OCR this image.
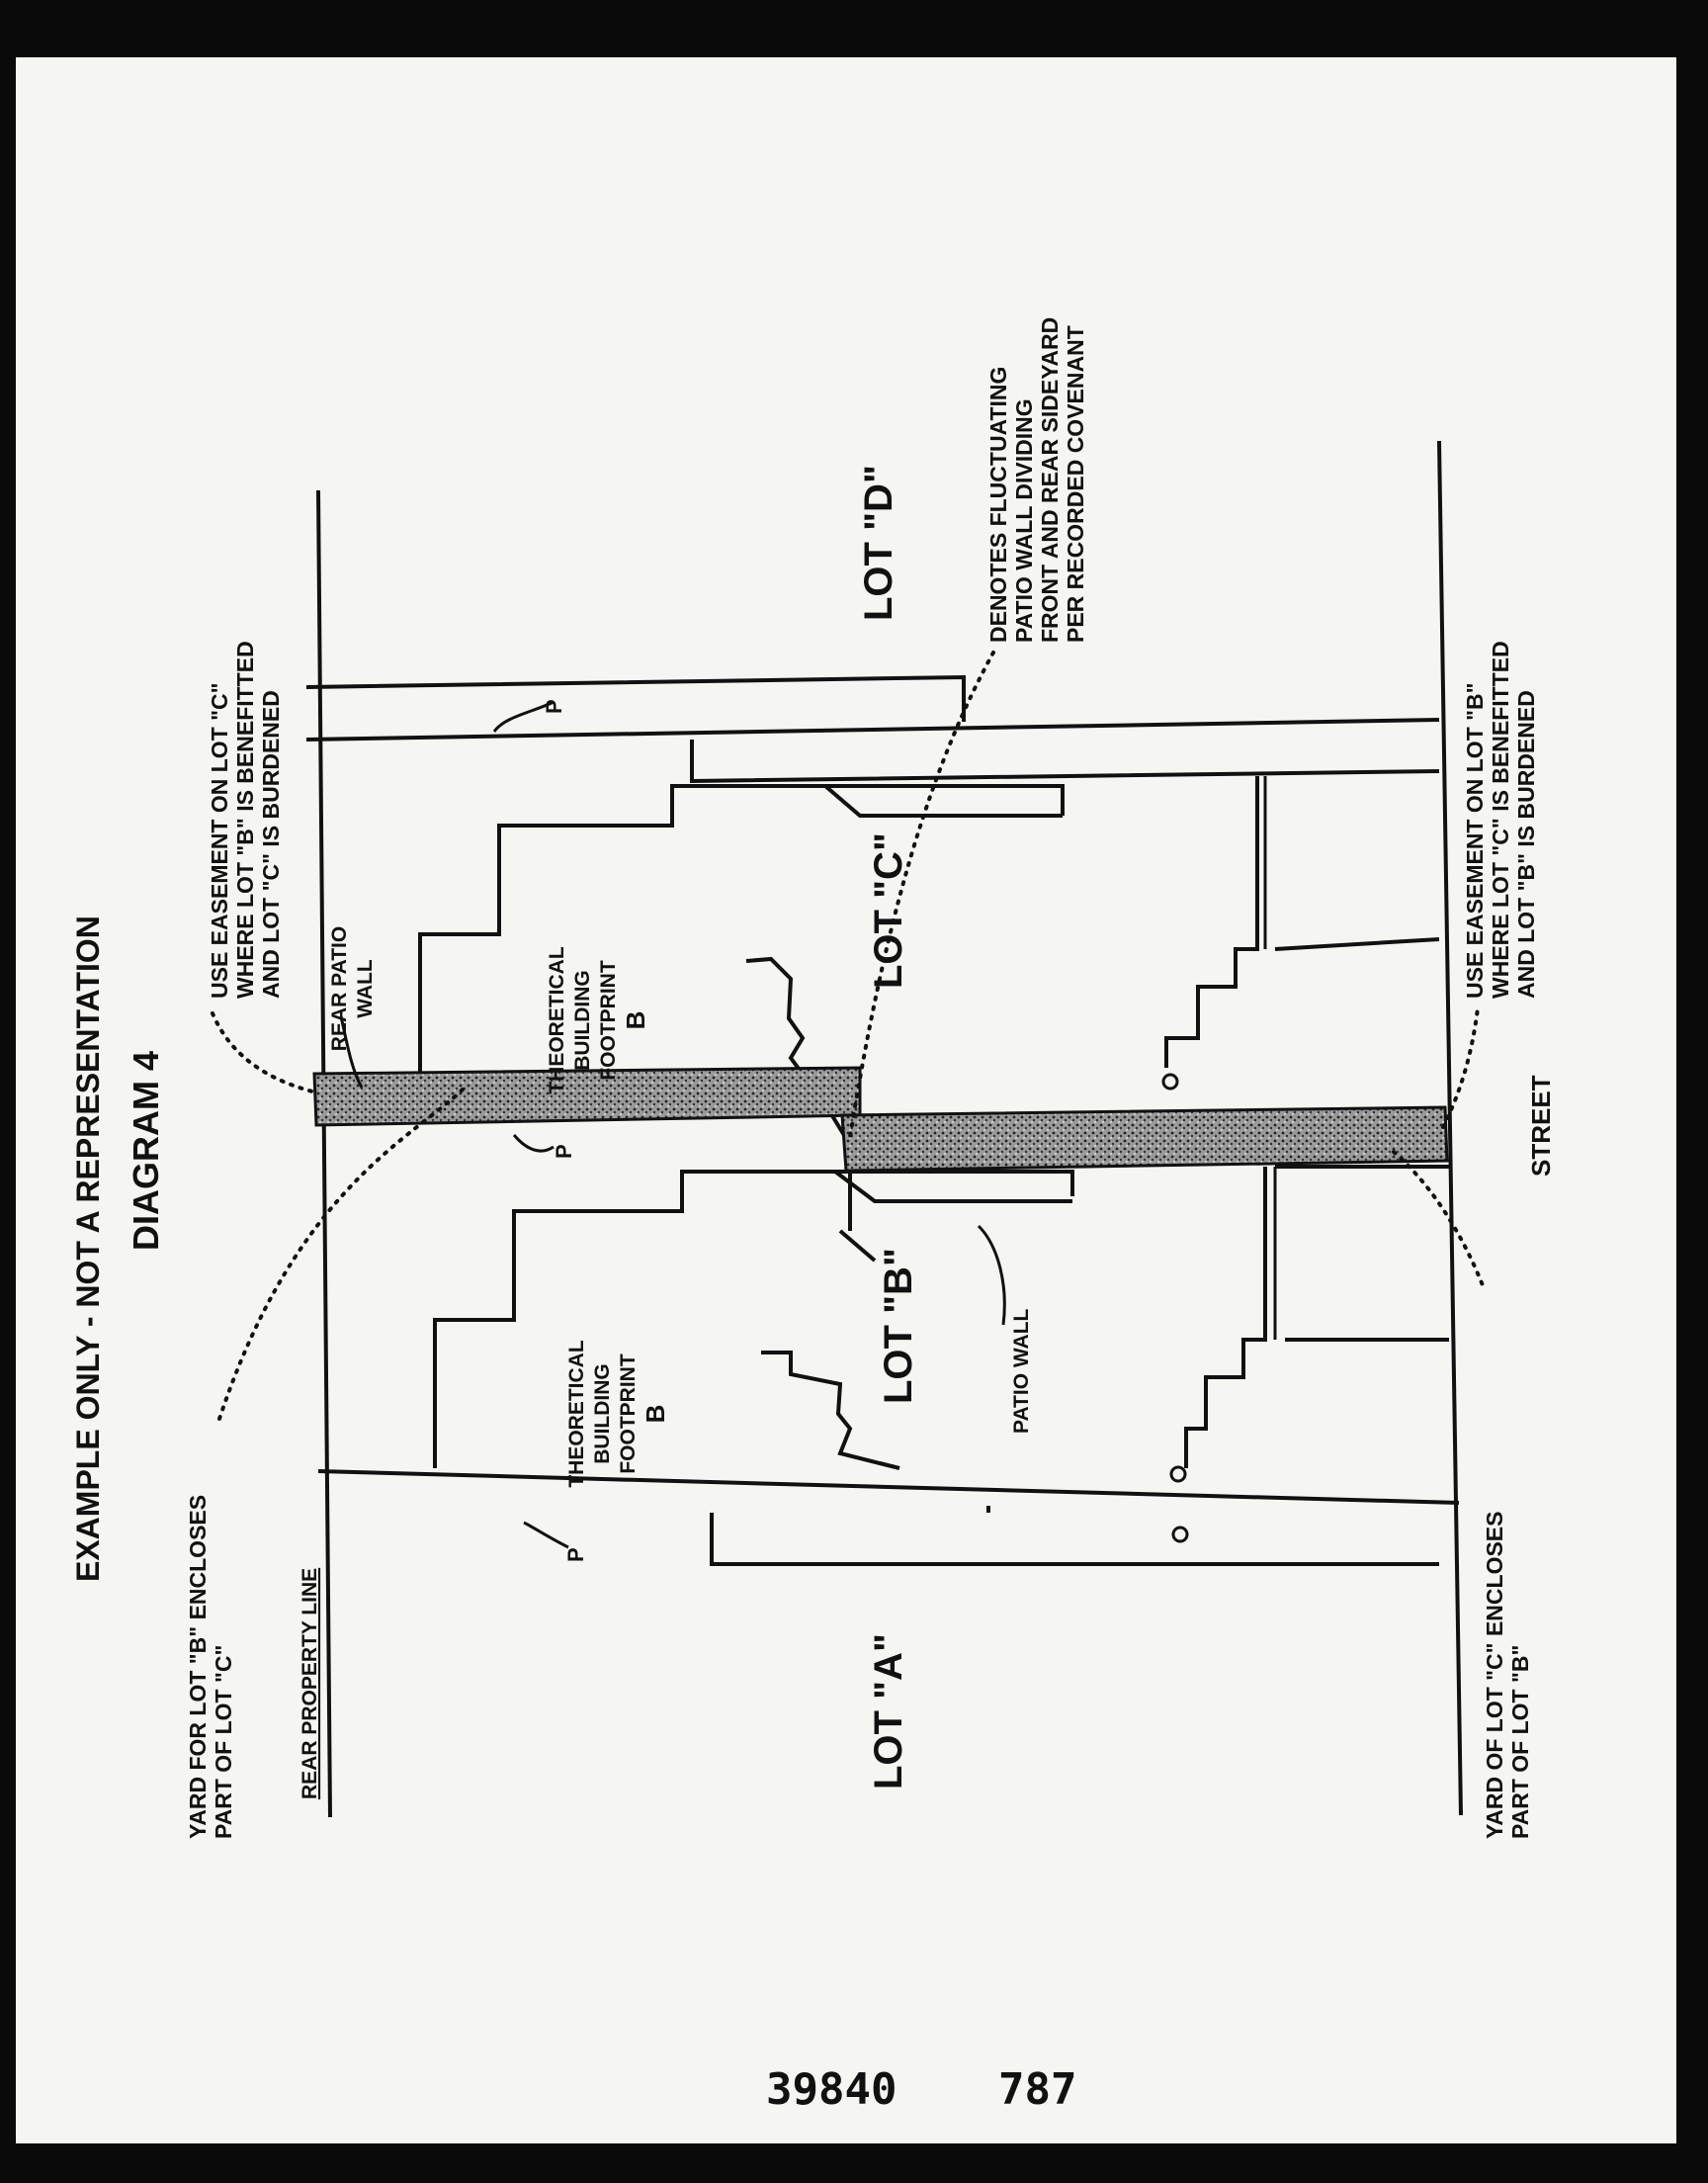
EXAMPLE ONLY - NOT A REPRESENTATION DIAGRAM 4
YARD FOR LOT "B" ENCLOSES PART OF LOT "C"
USE EASEMENT ON LOT "C" WHERE LOT "B" IS BENEFITTED AND LOT "C" IS BURDENED	USE EASEMENT ON LOT "B" WHERE LOT "C" IS BENEFITTED AND LOT "B" IS BURDENED
YARD OF LOT "C" ENCLOSES PART OF LOT "B"
DENOTES FLUCTUATING PATIO WALL DIVIDING FRONT AND REAR SIDEYARD PER RECORDED COVENANT
REAR PATIO WALL
PATIO WALL
REAR PROPERTY LINE
STREET
THEORETICAL BUILDING FOOTPRINT B
THEORETICAL BUILDING FOOTPRINT B
LOT "A"
LOT "B"
LOT "C"
LOT "D"
P
P
P
39840 787
